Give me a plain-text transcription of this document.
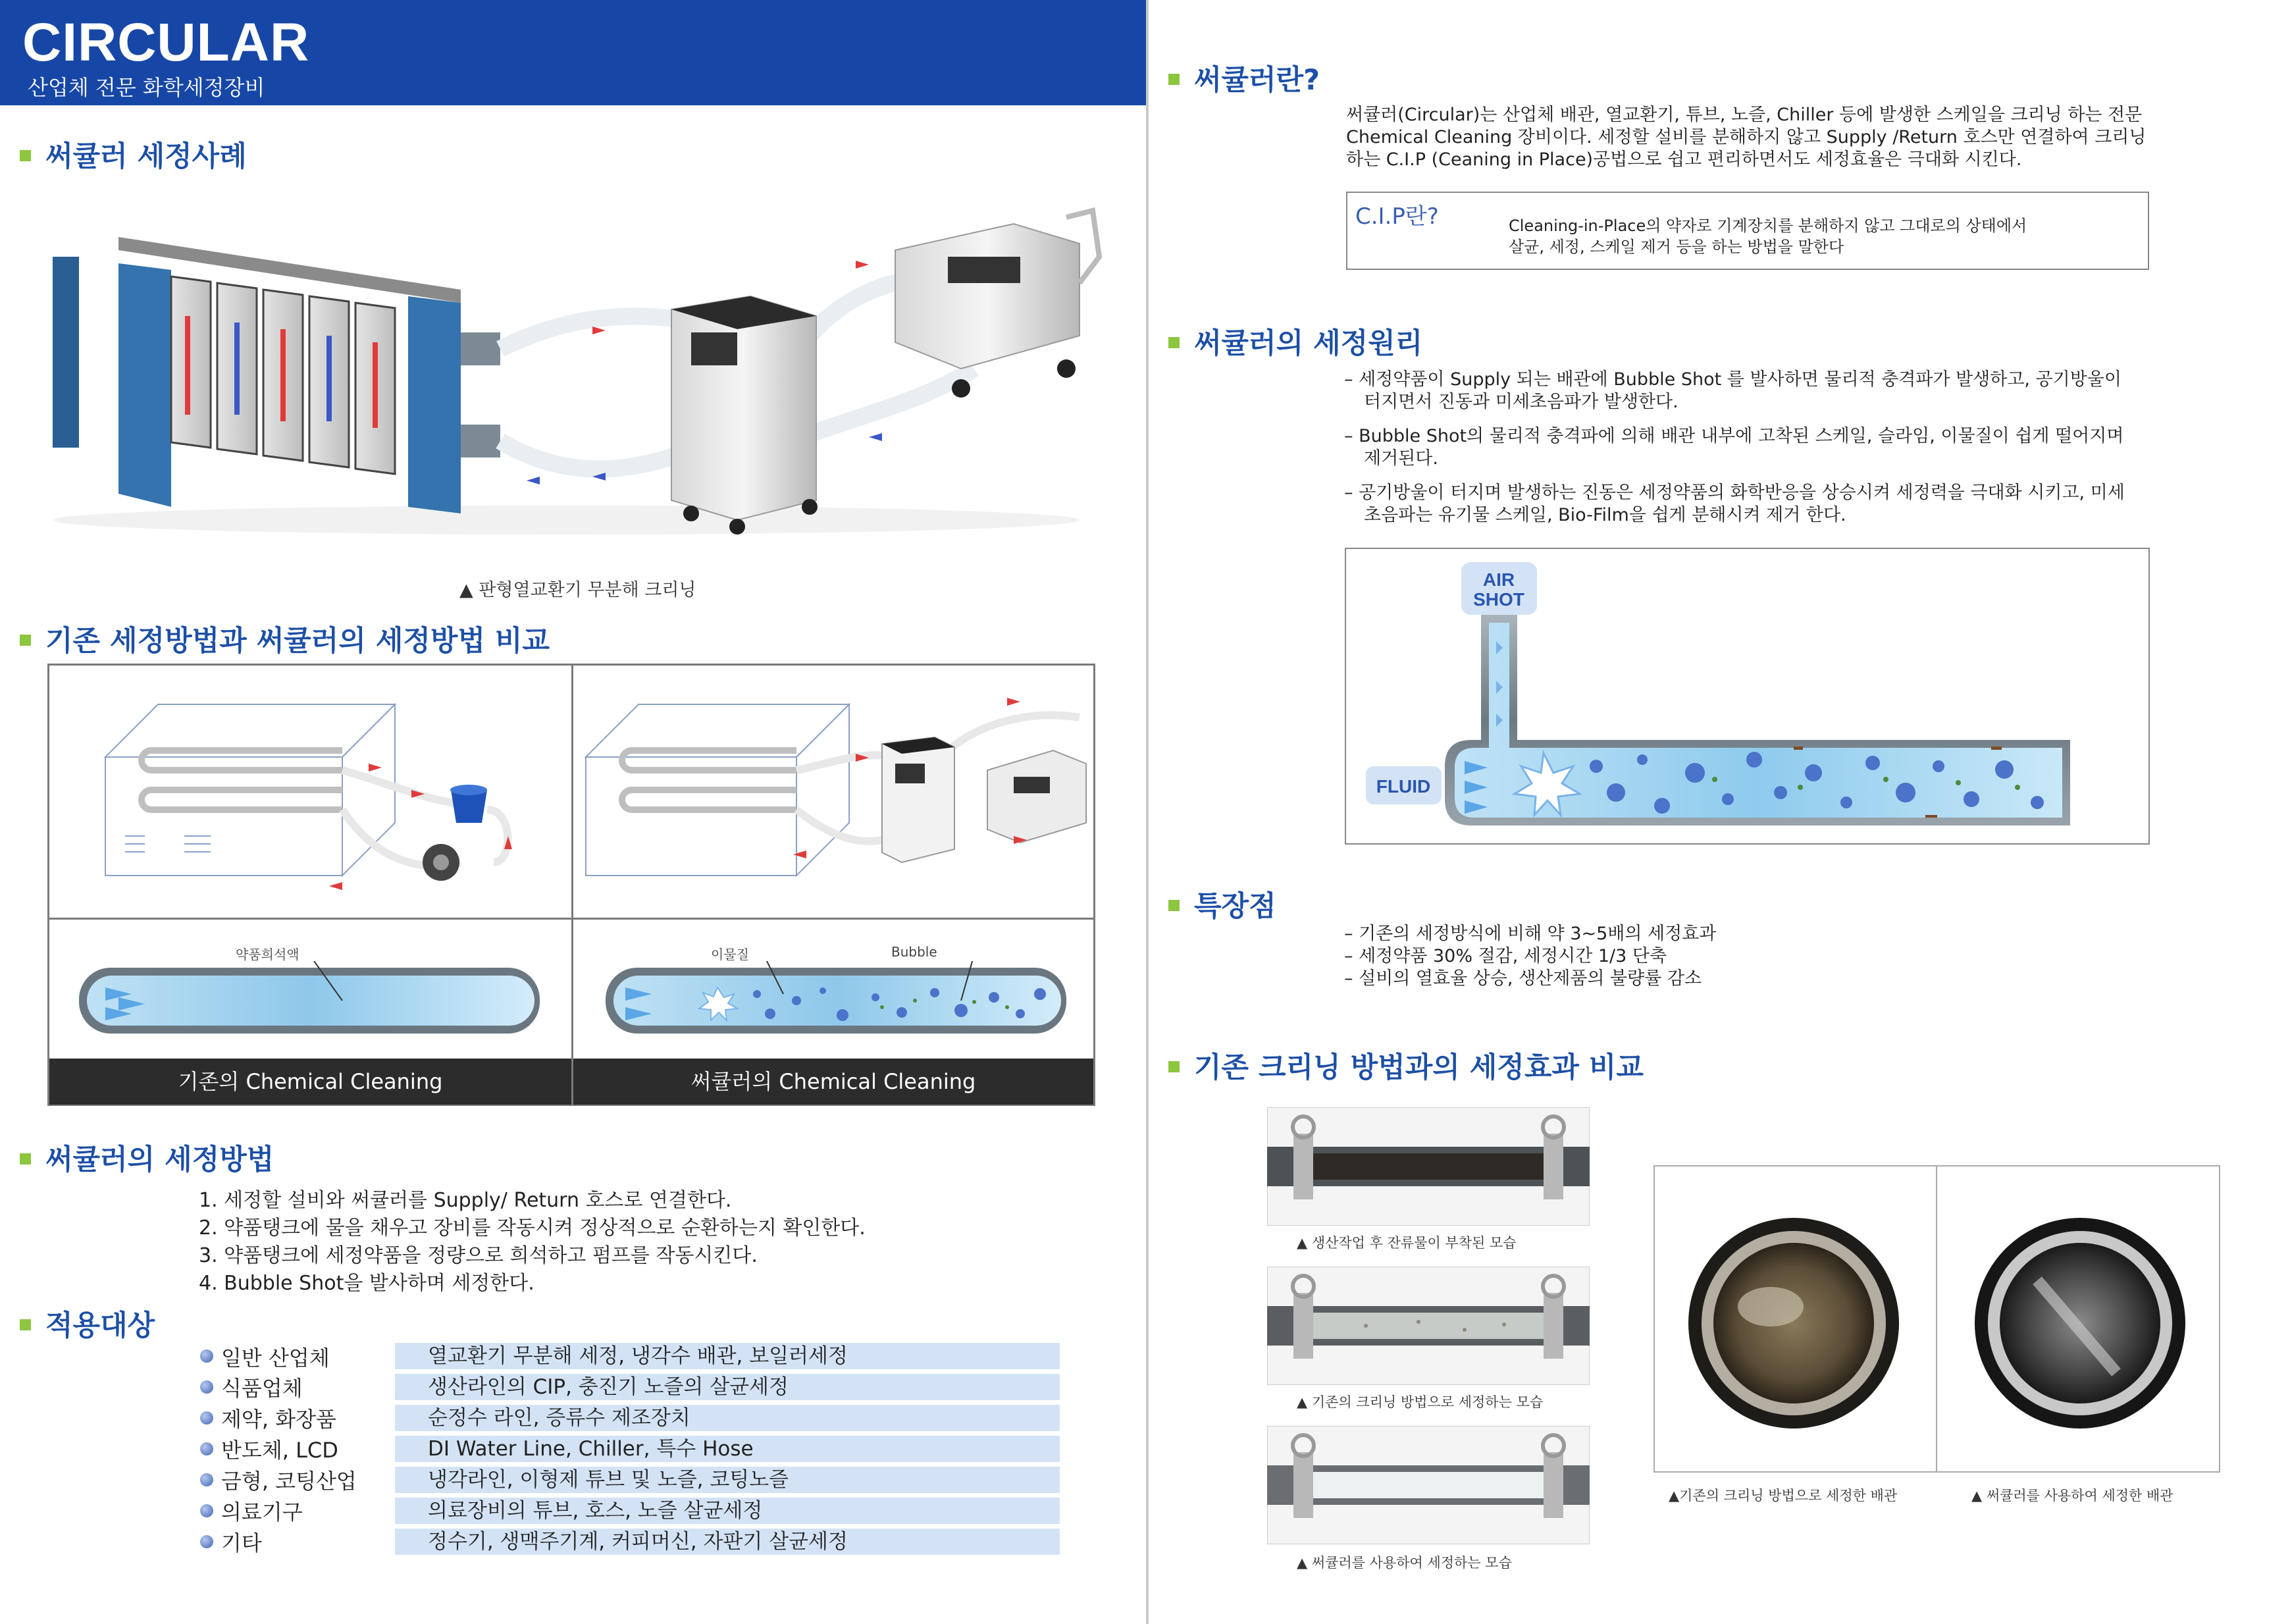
CIRCULAR
산업체 전문 화학세정장비
써큘러 세정사례
▲ 판형열교환기 무분해 크리닝
기존 세정방법과 써큘러의 세정방법 비교
약품희석액	이물질	Bubble
기존의 Chemical Cleaning	써큘러의 Chemical Cleaning
써큘러의 세정방법
1. 세정할 설비와 써큘러를 Supply/ Return 호스로 연결한다.
2. 약품탱크에 물을 채우고 장비를 작동시켜 정상적으로 순환하는지 확인한다.
3. 약품탱크에 세정약품을 정량으로 희석하고 펌프를 작동시킨다.
4. Bubble Shot을 발사하며 세정한다.
적용대상
일반 산업체	열교환기 무분해 세정, 냉각수 배관, 보일러세정
식품업체	생산라인의 CIP, 충진기 노즐의 살균세정
제약, 화장품	순정수 라인, 증류수 제조장치
반도체, LCD	DI Water Line, Chiller, 특수 Hose
금형, 코팅산업	냉각라인, 이형제 튜브 및 노즐, 코팅노즐
의료기구	의료장비의 튜브, 호스, 노즐 살균세정
기타	정수기, 생맥주기계, 커피머신, 자판기 살균세정
써큘러란?
써큘러(Circular)는 산업체 배관, 열교환기, 튜브, 노즐, Chiller 등에 발생한 스케일을 크리닝 하는 전문
Chemical Cleaning 장비이다. 세정할 설비를 분해하지 않고 Supply /Return 호스만 연결하여 크리닝
하는 C.I.P (Ceaning in Place)공법으로 쉽고 편리하면서도 세정효율은 극대화 시킨다.
C.I.P란?	Cleaning-in-Place의 약자로 기계장치를 분해하지 않고 그대로의 상태에서
살균, 세정, 스케일 제거 등을 하는 방법을 말한다
써큘러의 세정원리
– 세정약품이 Supply 되는 배관에 Bubble Shot 를 발사하면 물리적 충격파가 발생하고, 공기방울이
터지면서 진동과 미세초음파가 발생한다.
– Bubble Shot의 물리적 충격파에 의해 배관 내부에 고착된 스케일, 슬라임, 이물질이 쉽게 떨어지며
제거된다.
– 공기방울이 터지며 발생하는 진동은 세정약품의 화학반응을 상승시켜 세정력을 극대화 시키고, 미세
초음파는 유기물 스케일, Bio-Film을 쉽게 분해시켜 제거 한다.
AIR
SHOT
FLUID
특장점
– 기존의 세정방식에 비해 약 3~5배의 세정효과
– 세정약품 30% 절감, 세정시간 1/3 단축
– 설비의 열효율 상승, 생산제품의 불량률 감소
기존 크리닝 방법과의 세정효과 비교
▲ 생산작업 후 잔류물이 부착된 모습
▲ 기존의 크리닝 방법으로 세정하는 모습
▲ 써큘러를 사용하여 세정하는 모습
▲기존의 크리닝 방법으로 세정한 배관	▲ 써큘러를 사용하여 세정한 배관
